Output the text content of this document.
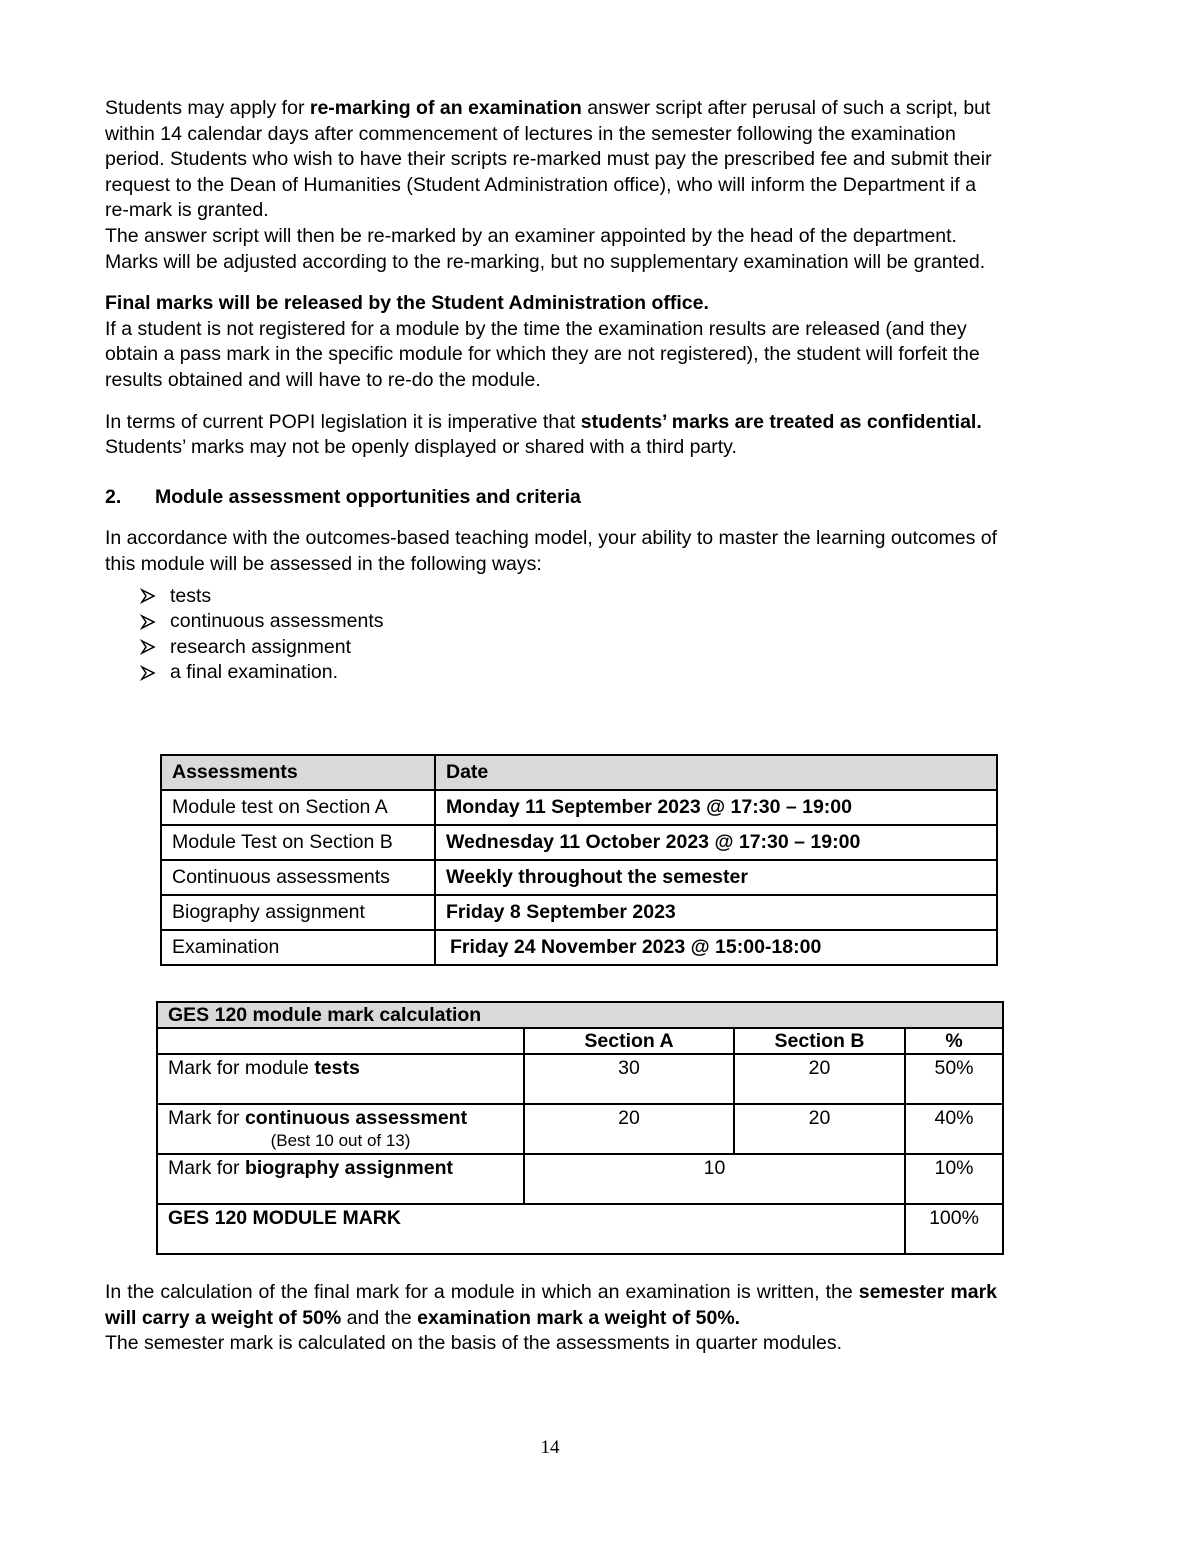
Students may apply for re-marking of an examination answer script after perusal of such a script, but within 14 calendar days after commencement of lectures in the semester following the examination period. Students who wish to have their scripts re-marked must pay the prescribed fee and submit their request to the Dean of Humanities (Student Administration office), who will inform the Department if a re-mark is granted.

The answer script will then be re-marked by an examiner appointed by the head of the department. Marks will be adjusted according to the re-marking, but no supplementary examination will be granted.

Final marks will be released by the Student Administration office.

If a student is not registered for a module by the time the examination results are released (and they obtain a pass mark in the specific module for which they are not registered), the student will forfeit the results obtained and will have to re-do the module.

In terms of current POPI legislation it is imperative that students’ marks are treated as confidential. Students’ marks may not be openly displayed or shared with a third party.

2.	Module assessment opportunities and criteria

In accordance with the outcomes-based teaching model, your ability to master the learning outcomes of this module will be assessed in the following ways:

tests
continuous assessments
research assignment
a final examination.
Assessments	Date
Module test on Section A	Monday 11 September 2023 @ 17:30 – 19:00
Module Test on Section B	Wednesday 11 October 2023 @ 17:30 – 19:00
Continuous assessments	Weekly throughout the semester
Biography assignment	Friday 8 September 2023
Examination	Friday 24 November 2023 @ 15:00-18:00
GES 120 module mark calculation			
	Section A	Section B	%
Mark for module tests	30	20	50%
Mark for continuous assessment
(Best 10 out of 13)	20	20	40%
Mark for biography assignment	10		10%
GES 120 MODULE MARK			100%

In the calculation of the final mark for a module in which an examination is written, the semester mark will carry a weight of 50% and the examination mark a weight of 50%.

The semester mark is calculated on the basis of the assessments in quarter modules.

14
